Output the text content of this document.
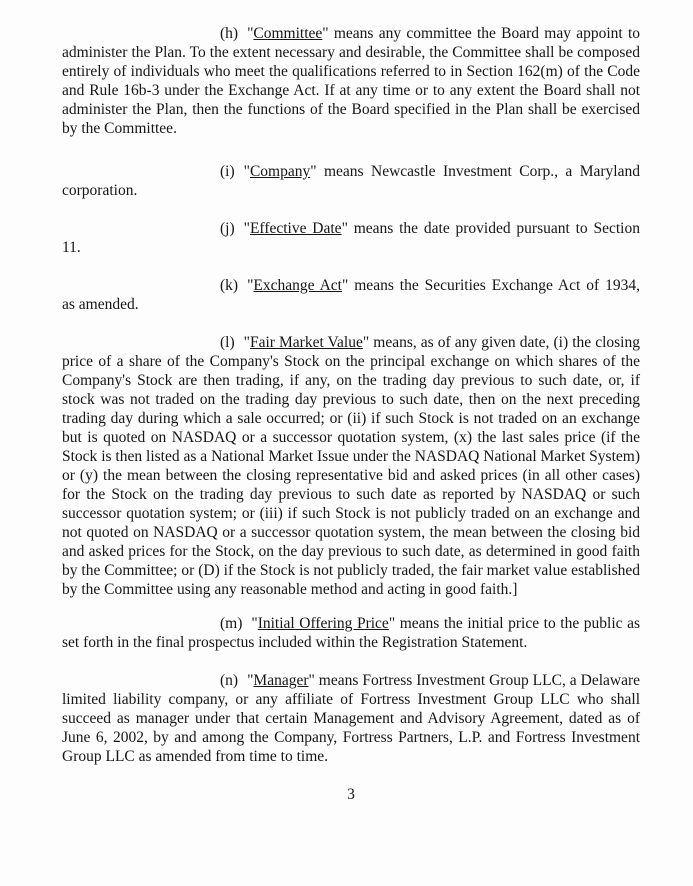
(h) "Committee" means any committee the Board may appoint to administer the Plan. To the extent necessary and desirable, the Committee shall be composed entirely of individuals who meet the qualifications referred to in Section 162(m) of the Code and Rule 16b-3 under the Exchange Act. If at any time or to any extent the Board shall not administer the Plan, then the functions of the Board specified in the Plan shall be exercised by the Committee.

(i) "Company" means Newcastle Investment Corp., a Maryland corporation.

(j) "Effective Date" means the date provided pursuant to Section 11.

(k) "Exchange Act" means the Securities Exchange Act of 1934, as amended.

(l) "Fair Market Value" means, as of any given date, (i) the closing price of a share of the Company's Stock on the principal exchange on which shares of the Company's Stock are then trading, if any, on the trading day previous to such date, or, if stock was not traded on the trading day previous to such date, then on the next preceding trading day during which a sale occurred; or (ii) if such Stock is not traded on an exchange but is quoted on NASDAQ or a successor quotation system, (x) the last sales price (if the Stock is then listed as a National Market Issue under the NASDAQ National Market System) or (y) the mean between the closing representative bid and asked prices (in all other cases) for the Stock on the trading day previous to such date as reported by NASDAQ or such successor quotation system; or (iii) if such Stock is not publicly traded on an exchange and not quoted on NASDAQ or a successor quotation system, the mean between the closing bid and asked prices for the Stock, on the day previous to such date, as determined in good faith by the Committee; or (D) if the Stock is not publicly traded, the fair market value established by the Committee using any reasonable method and acting in good faith.]

(m) "Initial Offering Price" means the initial price to the public as set forth in the final prospectus included within the Registration Statement.

(n) "Manager" means Fortress Investment Group LLC, a Delaware limited liability company, or any affiliate of Fortress Investment Group LLC who shall succeed as manager under that certain Management and Advisory Agreement, dated as of June 6, 2002, by and among the Company, Fortress Partners, L.P. and Fortress Investment Group LLC as amended from time to time.

3
